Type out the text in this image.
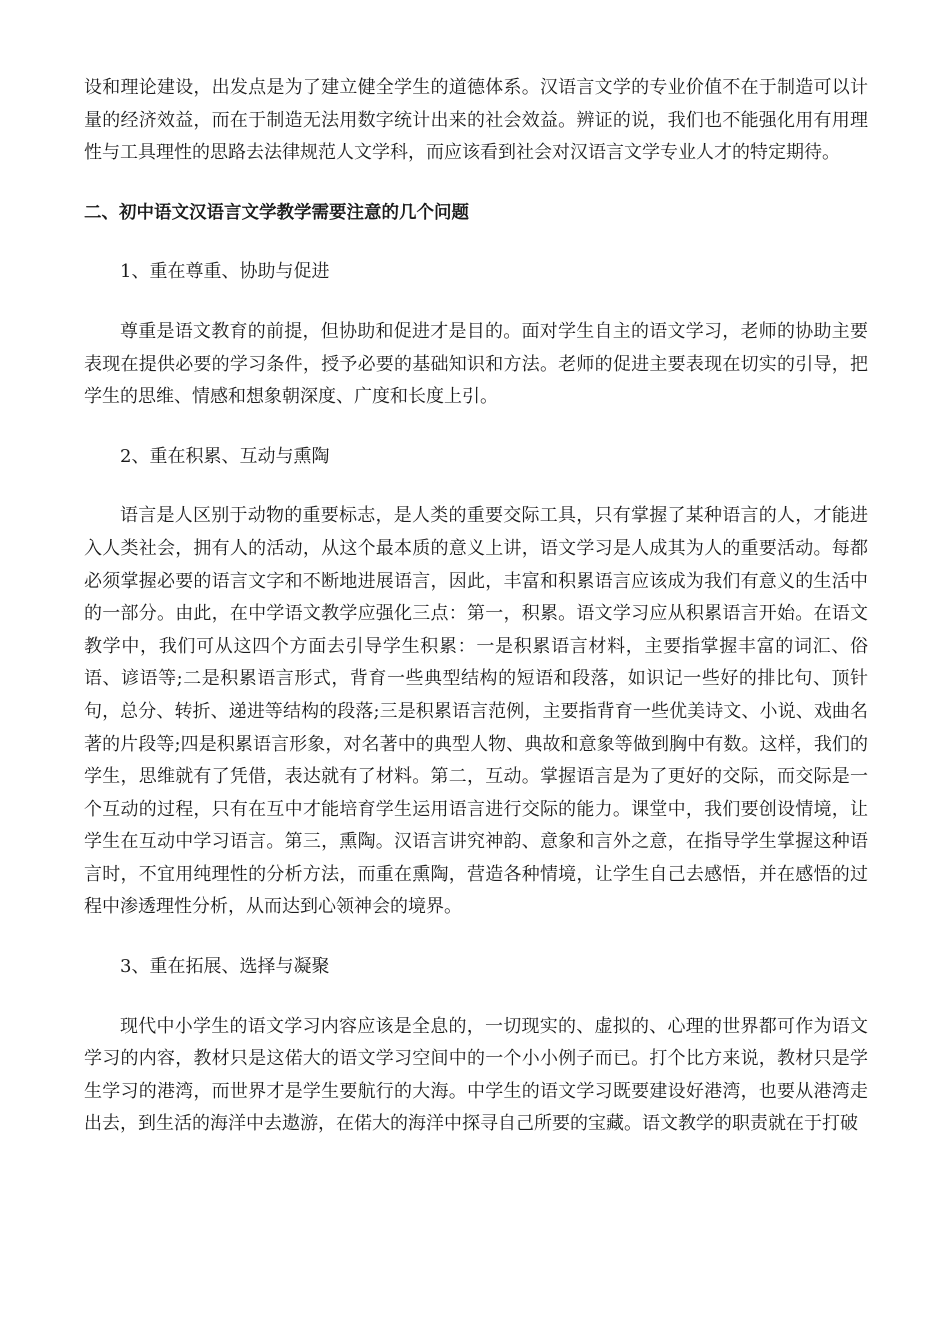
设和理论建设，出发点是为了建立健全学生的道德体系。汉语言文学的专业价值不在于制造可以计量的经济效益，而在于制造无法用数字统计出来的社会效益。辨证的说，我们也不能强化用有用理性与工具理性的思路去法律规范人文学科，而应该看到社会对汉语言文学专业人才的特定期待。

二、初中语文汉语言文学教学需要注意的几个问题

1、重在尊重、协助与促进

尊重是语文教育的前提，但协助和促进才是目的。面对学生自主的语文学习，老师的协助主要表现在提供必要的学习条件，授予必要的基础知识和方法。老师的促进主要表现在切实的引导，把学生的思维、情感和想象朝深度、广度和长度上引。

2、重在积累、互动与熏陶

语言是人区别于动物的重要标志，是人类的重要交际工具，只有掌握了某种语言的人，才能进入人类社会，拥有人的活动，从这个最本质的意义上讲，语文学习是人成其为人的重要活动。每都必须掌握必要的语言文字和不断地进展语言，因此，丰富和积累语言应该成为我们有意义的生活中的一部分。由此，在中学语文教学应强化三点：第一，积累。语文学习应从积累语言开始。在语文教学中，我们可从这四个方面去引导学生积累：一是积累语言材料，主要指掌握丰富的词汇、俗语、谚语等;二是积累语言形式，背育一些典型结构的短语和段落，如识记一些好的排比句、顶针句，总分、转折、递进等结构的段落;三是积累语言范例，主要指背育一些优美诗文、小说、戏曲名著的片段等;四是积累语言形象，对名著中的典型人物、典故和意象等做到胸中有数。这样，我们的学生，思维就有了凭借，表达就有了材料。第二，互动。掌握语言是为了更好的交际，而交际是一个互动的过程，只有在互中才能培育学生运用语言进行交际的能力。课堂中，我们要创设情境，让学生在互动中学习语言。第三，熏陶。汉语言讲究神韵、意象和言外之意，在指导学生掌握这种语言时，不宜用纯理性的分析方法，而重在熏陶，营造各种情境，让学生自己去感悟，并在感悟的过程中渗透理性分析，从而达到心领神会的境界。

3、重在拓展、选择与凝聚

现代中小学生的语文学习内容应该是全息的，一切现实的、虚拟的、心理的世界都可作为语文学习的内容，教材只是这偌大的语文学习空间中的一个小小例子而已。打个比方来说，教材只是学生学习的港湾，而世界才是学生要航行的大海。中学生的语文学习既要建设好港湾，也要从港湾走出去，到生活的海洋中去遨游，在偌大的海洋中探寻自己所要的宝藏。语文教学的职责就在于打破
